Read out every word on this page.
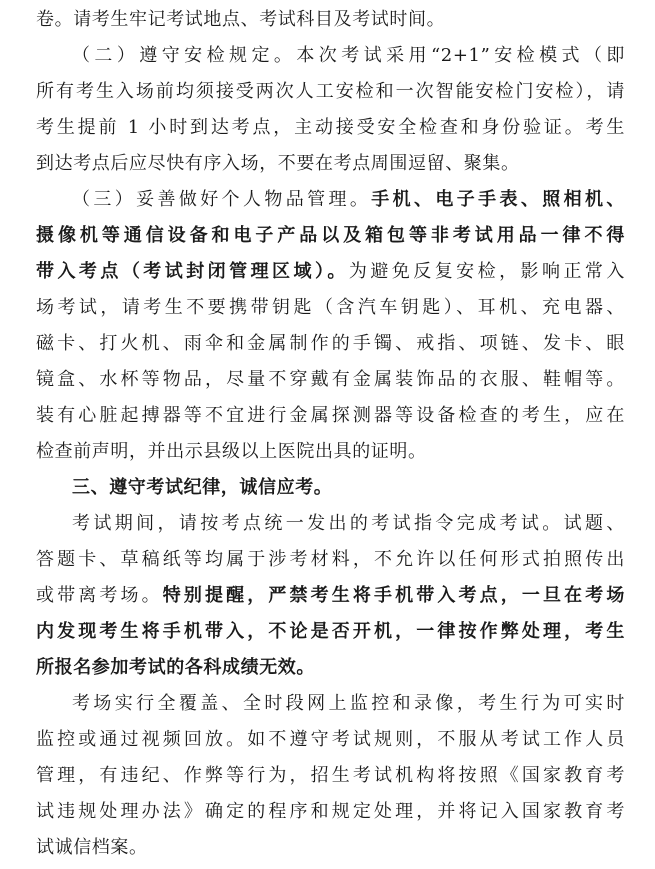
卷。请考生牢记考试地点、考试科目及考试时间。
（二）遵守安检规定。本次考试采用“2+1”安检模式（即
所有考生入场前均须接受两次人工安检和一次智能安检门安检），请
考生提前 1 小时到达考点，主动接受安全检查和身份验证。考生
到达考点后应尽快有序入场，不要在考点周围逗留、聚集。
（三）妥善做好个人物品管理。手机、电子手表、照相机、
摄像机等通信设备和电子产品以及箱包等非考试用品一律不得
带入考点（考试封闭管理区域）。为避免反复安检，影响正常入
场考试，请考生不要携带钥匙（含汽车钥匙）、耳机、充电器、
磁卡、打火机、雨伞和金属制作的手镯、戒指、项链、发卡、眼
镜盒、水杯等物品，尽量不穿戴有金属装饰品的衣服、鞋帽等。
装有心脏起搏器等不宜进行金属探测器等设备检查的考生，应在
检查前声明，并出示县级以上医院出具的证明。
三、遵守考试纪律，诚信应考。
考试期间，请按考点统一发出的考试指令完成考试。试题、
答题卡、草稿纸等均属于涉考材料，不允许以任何形式拍照传出
或带离考场。特别提醒，严禁考生将手机带入考点，一旦在考场
内发现考生将手机带入，不论是否开机，一律按作弊处理，考生
所报名参加考试的各科成绩无效。
考场实行全覆盖、全时段网上监控和录像，考生行为可实时
监控或通过视频回放。如不遵守考试规则，不服从考试工作人员
管理，有违纪、作弊等行为，招生考试机构将按照《国家教育考
试违规处理办法》确定的程序和规定处理，并将记入国家教育考
试诚信档案。
